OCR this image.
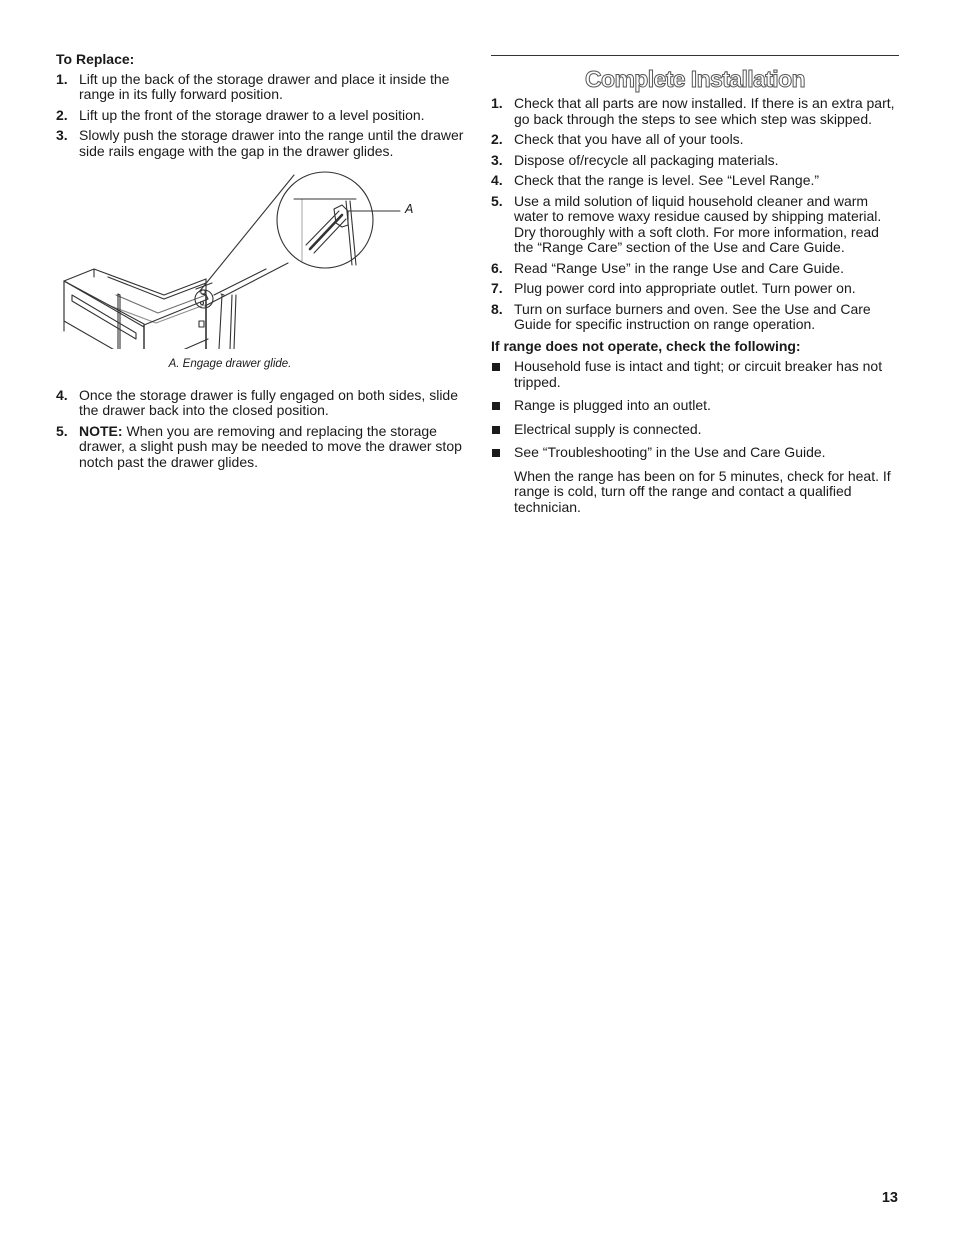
To Replace:
1. Lift up the back of the storage drawer and place it inside the range in its fully forward position.
2. Lift up the front of the storage drawer to a level position.
3. Slowly push the storage drawer into the range until the drawer side rails engage with the gap in the drawer glides.
A
A. Engage drawer glide.
4. Once the storage drawer is fully engaged on both sides, slide the drawer back into the closed position.
5. NOTE: When you are removing and replacing the storage drawer, a slight push may be needed to move the drawer stop notch past the drawer glides.
Complete Installation
1. Check that all parts are now installed. If there is an extra part, go back through the steps to see which step was skipped.
2. Check that you have all of your tools.
3. Dispose of/recycle all packaging materials.
4. Check that the range is level. See “Level Range.”
5. Use a mild solution of liquid household cleaner and warm water to remove waxy residue caused by shipping material. Dry thoroughly with a soft cloth. For more information, read the “Range Care” section of the Use and Care Guide.
6. Read “Range Use” in the range Use and Care Guide.
7. Plug power cord into appropriate outlet. Turn power on.
8. Turn on surface burners and oven. See the Use and Care Guide for specific instruction on range operation.
If range does not operate, check the following:
Household fuse is intact and tight; or circuit breaker has not tripped.
Range is plugged into an outlet.
Electrical supply is connected.
See “Troubleshooting” in the Use and Care Guide.
When the range has been on for 5 minutes, check for heat. If range is cold, turn off the range and contact a qualified technician.
13
